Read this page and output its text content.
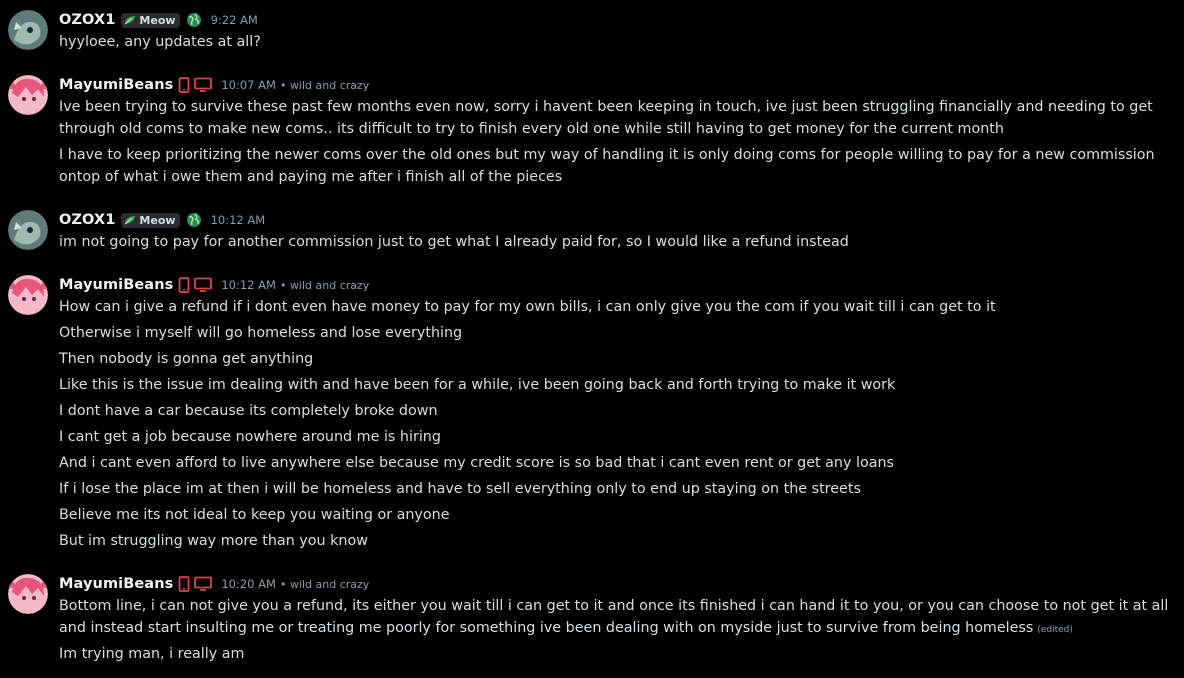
OZOX1 Meow	9:22 AM
hyyloee, any updates at all?
MayumiBeans	10:07 AM • wild and crazy
Ive been trying to survive these past few months even now, sorry i havent been keeping in touch, ive just been struggling financially and needing to get through old coms to make new coms.. its difficult to try to finish every old one while still having to get money for the current month
I have to keep prioritizing the newer coms over the old ones but my way of handling it is only doing coms for people willing to pay for a new commission ontop of what i owe them and paying me after i finish all of the pieces
OZOX1 Meow	10:12 AM
im not going to pay for another commission just to get what I already paid for, so I would like a refund instead
MayumiBeans	10:12 AM • wild and crazy
How can i give a refund if i dont even have money to pay for my own bills, i can only give you the com if you wait till i can get to it
Otherwise i myself will go homeless and lose everything
Then nobody is gonna get anything
Like this is the issue im dealing with and have been for a while, ive been going back and forth trying to make it work
I dont have a car because its completely broke down
I cant get a job because nowhere around me is hiring
And i cant even afford to live anywhere else because my credit score is so bad that i cant even rent or get any loans
If i lose the place im at then i will be homeless and have to sell everything only to end up staying on the streets
Believe me its not ideal to keep you waiting or anyone
But im struggling way more than you know
MayumiBeans	10:20 AM • wild and crazy
Bottom line, i can not give you a refund, its either you wait till i can get to it and once its finished i can hand it to you, or you can choose to not get it at all and instead start insulting me or treating me poorly for something ive been dealing with on myside just to survive from being homeless (edited)
Im trying man, i really am
